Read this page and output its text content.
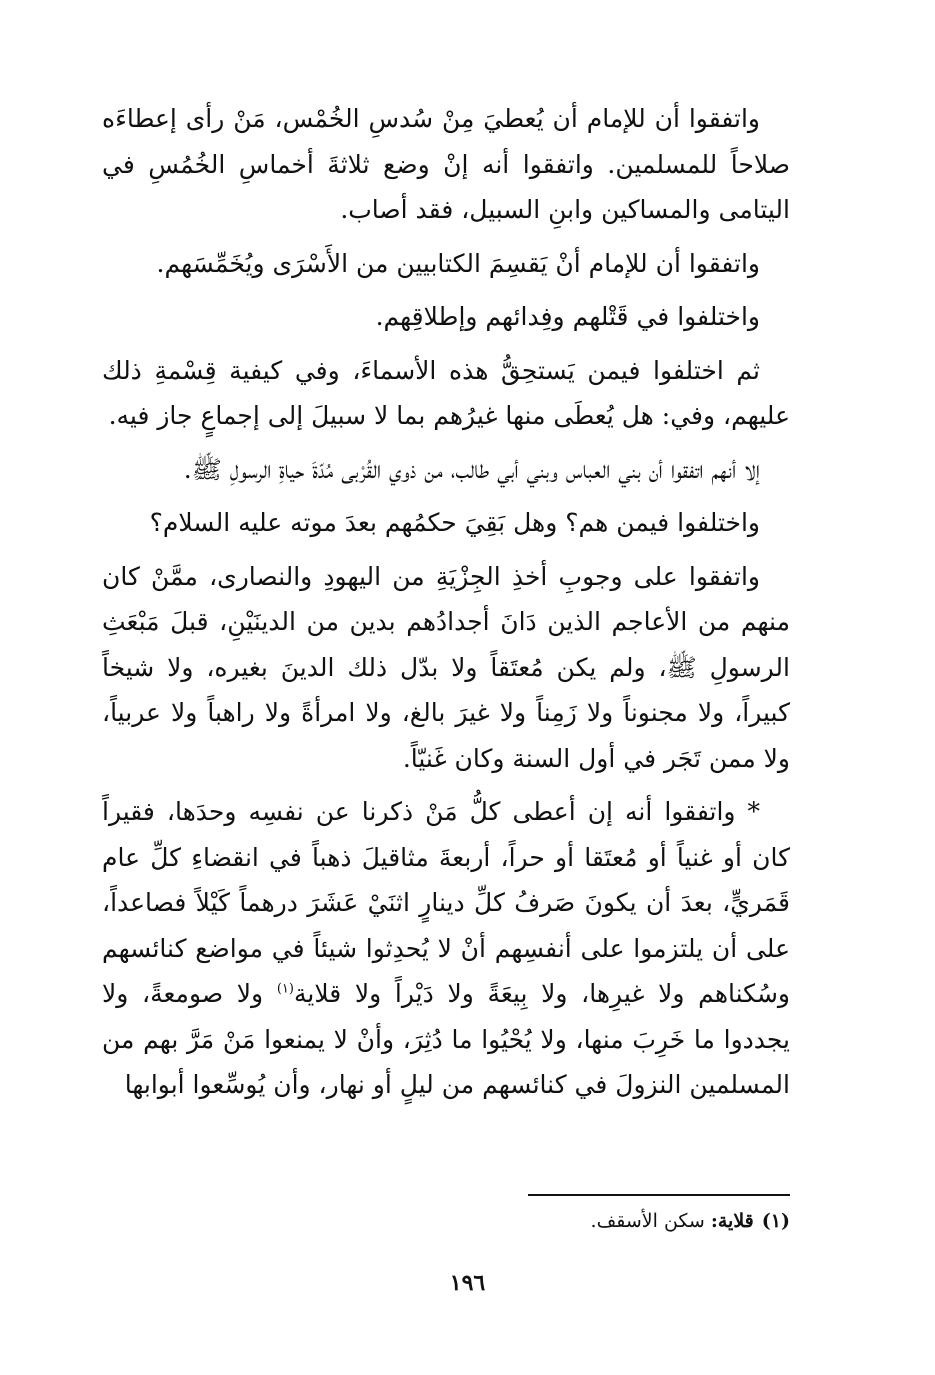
واتفقوا أن للإمام أن يُعطيَ مِنْ سُدسِ الخُمْس، مَنْ رأى إعطاءَه صلاحاً للمسلمين. واتفقوا أنه إنْ وضع ثلاثةَ أخماسِ الخُمُسِ في اليتامى والمساكين وابنِ السبيل، فقد أصاب.

واتفقوا أن للإمام أنْ يَقسِمَ الكتابيين من الأَسْرَى ويُخَمِّسَهم.

واختلفوا في قَتْلهم وفِدائهم وإطلاقِهم.

ثم اختلفوا فيمن يَستحِقُّ هذه الأسماءَ، وفي كيفية قِسْمةِ ذلك عليهم، وفي: هل يُعطَى منها غيرُهم بما لا سبيلَ إلى إجماعٍ جاز فيه.

إلا أنهم اتفقوا أن بني العباس وبني أبي طالب، من ذوي القُرْبى مُدّةَ حياةِ الرسولِ ﷺ.

واختلفوا فيمن هم؟ وهل بَقِيَ حكمُهم بعدَ موته عليه السلام؟

واتفقوا على وجوبِ أخذِ الجِزْيَةِ من اليهودِ والنصارى، ممَّنْ كان منهم من الأعاجم الذين دَانَ أجدادُهم بدين من الدينَيْنِ، قبلَ مَبْعَثِ الرسولِ ﷺ، ولم يكن مُعتَقاً ولا بدّل ذلك الدينَ بغيره، ولا شيخاً كبيراً، ولا مجنوناً ولا زَمِناً ولا غيرَ بالغ، ولا امرأةً ولا راهباً ولا عربياً، ولا ممن تَجَر في أول السنة وكان غَنيّاً.

* واتفقوا أنه إن أعطى كلُّ مَنْ ذكرنا عن نفسِه وحدَها، فقيراً كان أو غنياً أو مُعتَقا أو حراً، أربعةَ مثاقيلَ ذهباً في انقضاءِ كلِّ عام قَمَريٍّ، بعدَ أن يكونَ صَرفُ كلِّ دينارٍ اثنَيْ عَشَرَ درهماً كَيْلاً فصاعداً، على أن يلتزموا على أنفسِهم أنْ لا يُحدِثوا شيئاً في مواضع كنائسهم وسُكناهم ولا غيرِها، ولا بِيعَةً ولا دَيْراً ولا قلاية$^{(١)}$ ولا صومعةً، ولا يجددوا ما خَرِبَ منها، ولا يُحْيُوا ما دُثِرَ، وأنْ لا يمنعوا مَنْ مَرَّ بهم من المسلمين النزولَ في كنائسهم من ليلٍ أو نهار، وأن يُوسِّعوا أبوابها

(١)قلاية: سكن الأسقف.
١٩٦
